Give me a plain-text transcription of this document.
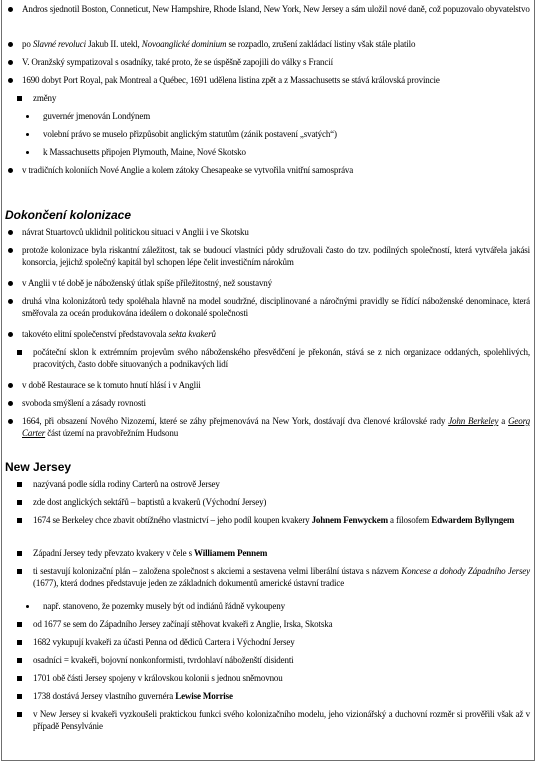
Andros sjednotil Boston, Conneticut, New Hampshire, Rhode Island, New York, New Jersey a sám uložil nové daně, což popuzovalo obyvatelstvo
po Slavné revoluci Jakub II. utekl, Novoanglické dominium se rozpadlo, zrušení zakládací listiny však stále platilo
V. Oranžský sympatizoval s osadníky, také proto, že se úspěšně zapojili do války s Francií
1690 dobyt Port Royal, pak Montreal a Québec, 1691 udělena listina zpět a z Massachusetts se stává královská provincie
změny
guvernér jmenován Londýnem
volební právo se muselo přizpůsobit anglickým statutům (zánik postavení „svatých“)
k Massachusetts připojen Plymouth, Maine, Nové Skotsko
v tradičních koloniích Nové Anglie a kolem zátoky Chesapeake se vytvořila vnitřní samospráva
Dokončení kolonizace
návrat Stuartovců uklidnil politickou situaci v Anglii i ve Skotsku
protože kolonizace byla riskantní záležitost, tak se budoucí vlastníci půdy sdružovali často do tzv. podílných společností, která vytvářela jakási konsorcia, jejichž společný kapitál byl schopen lépe čelit investičním nárokům
v Anglii v té době je náboženský útlak spíše příležitostný, než soustavný
druhá vlna kolonizátorů tedy spoléhala hlavně na model soudržné, disciplinované a náročnými pravidly se řídící náboženské denominace, která směřovala za oceán produkována ideálem o dokonalé společnosti
takovéto elitní společenství představovala sekta kvakerů
počáteční sklon k extrémním projevům svého náboženského přesvědčení je překonán, stává se z nich organizace oddaných, spolehlivých, pracovitých, často dobře situovaných a podnikavých lidí
v době Restaurace se k tomuto hnutí hlásí i v Anglii
svoboda smýšlení a zásady rovnosti
1664, při obsazení Nového Nizozemí, které se záhy přejmenovává na New York, dostávají dva členové královské rady John Berkeley a Georg Carter část území na pravobřežním Hudsonu
New Jersey
nazývaná podle sídla rodiny Carterů na ostrově Jersey
zde dost anglických sektářů – baptistů a kvakerů (Východní Jersey)
1674 se Berkeley chce zbavit obtížného vlastnictví – jeho podíl koupen kvakery Johnem Fenwyckem a filosofem Edwardem Byllyngem
Západní Jersey tedy převzato kvakery v čele s Williamem Pennem
ti sestavují kolonizační plán – založena společnost s akciemi a sestavena velmi liberální ústava s názvem Koncese a dohody Západního Jersey (1677), která dodnes představuje jeden ze základních dokumentů americké ústavní tradice
např. stanoveno, že pozemky musely být od indiánů řádně vykoupeny
od 1677 se sem do Západního Jersey začínají stěhovat kvakeři z Anglie, Irska, Skotska
1682 vykupují kvakeři za účasti Penna od dědiců Cartera i Východní Jersey
osadníci = kvakeři, bojovní nonkonformisti, tvrdohlaví náboženští disidenti
1701 obě části Jersey spojeny v královskou kolonii s jednou sněmovnou
1738 dostává Jersey vlastního guvernéra Lewise Morrise
v New Jersey si kvakeři vyzkoušeli praktickou funkci svého kolonizačního modelu, jeho vizionářský a duchovní rozměr si prověřili však až v případě Pensylvánie
